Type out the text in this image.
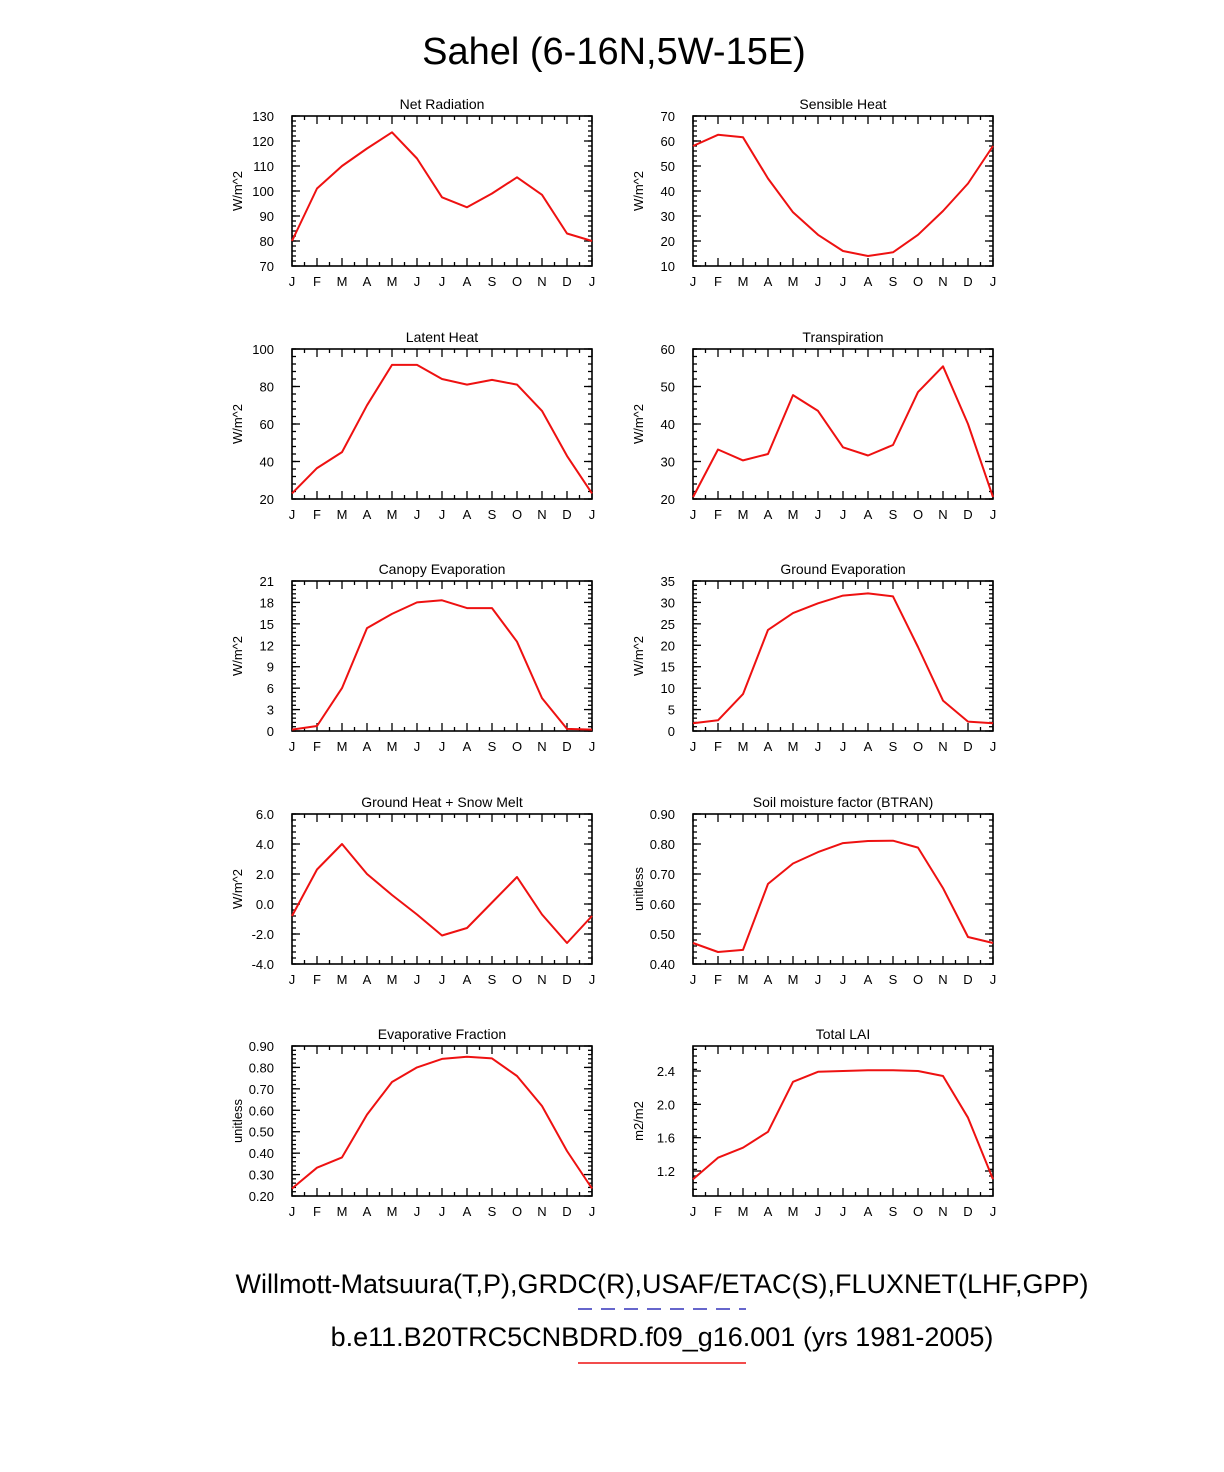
Sahel (6-16N,5W-15E)
Net Radiation
W/m^2
J F M A M J J A S O N D J
70
80
90
100
110
120
130
Sensible Heat
W/m^2
J F M A M J J A S O N D J
10
20
30
40
50
60
70
Latent Heat
W/m^2
J F M A M J J A S O N D J
20
40
60
80
100
Transpiration
W/m^2
J F M A M J J A S O N D J
20
30
40
50
60
Canopy Evaporation
W/m^2
J F M A M J J A S O N D J
0
3
6
9
12
15
18
21
Ground Evaporation
W/m^2
J F M A M J J A S O N D J
0
5
10
15
20
25
30
35
Ground Heat + Snow Melt
W/m^2
J F M A M J J A S O N D J
-4.0
-2.0
0.0
2.0
4.0
6.0
Soil moisture factor (BTRAN)
unitless
J F M A M J J A S O N D J
0.40
0.50
0.60
0.70
0.80
0.90
Evaporative Fraction
unitless
J F M A M J J A S O N D J
0.20
0.30
0.40
0.50
0.60
0.70
0.80
0.90
Total LAI
m2/m2
J F M A M J J A S O N D J
1.2
1.6
2.0
2.4
Willmott-Matsuura(T,P),GRDC(R),USAF/ETAC(S),FLUXNET(LHF,GPP)
b.e11.B20TRC5CNBDRD.f09_g16.001 (yrs 1981-2005)
